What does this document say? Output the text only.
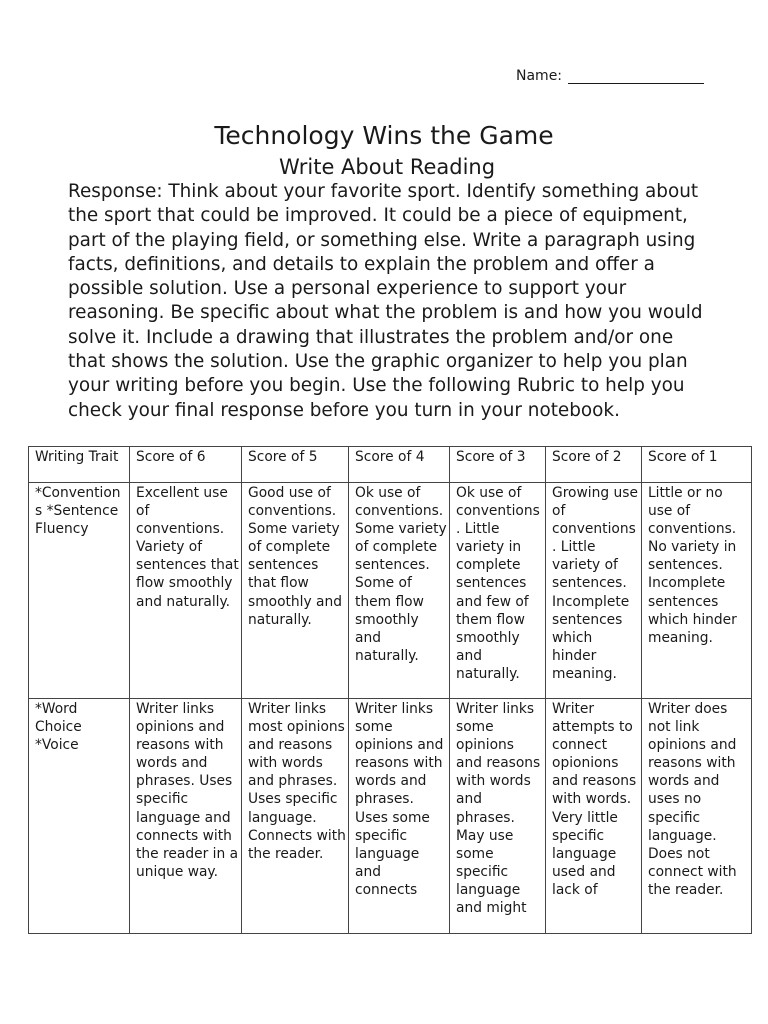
Name:
Technology Wins the Game
Write About Reading

Response: Think about your favorite sport. Identify something about the sport that could be improved. It could be a piece of equipment, part of the playing field, or something else. Write a paragraph using facts, definitions, and details to explain the problem and offer a possible solution. Use a personal experience to support your reasoning. Be specific about what the problem is and how you would solve it. Include a drawing that illustrates the problem and/or one that shows the solution. Use the graphic organizer to help you plan your writing before you begin. Use the following Rubric to help you check your final response before you turn in your notebook.

Writing Trait	Score of 6	Score of 5	Score of 4	Score of 3	Score of 2	Score of 1

*Conventions *Sentence Fluency	Excellent use of conventions. Variety of sentences that flow smoothly and naturally.	Good use of conventions. Some variety of complete sentences that flow smoothly and naturally.	Ok use of conventions. Some variety of complete sentences. Some of them flow smoothly and naturally.	Ok use of conventions. Little variety in complete sentences and few of them flow smoothly and naturally.	Growing use of conventions. Little variety of sentences. Incomplete sentences which hinder meaning.	Little or no use of conventions. No variety in sentences. Incomplete sentences which hinder meaning.

*Word Choice *Voice	Writer links opinions and reasons with words and phrases. Uses specific language and connects with the reader in a unique way.	Writer links most opinions and reasons with words and phrases. Uses specific language. Connects with the reader.	Writer links some opinions and reasons with words and phrases. Uses some specific language and connects	Writer links some opinions and reasons with words and phrases. May use some specific language and might	Writer attempts to connect opionions and reasons with words. Very little specific language used and lack of	Writer does not link opinions and reasons with words and uses no specific language. Does not connect with the reader.
